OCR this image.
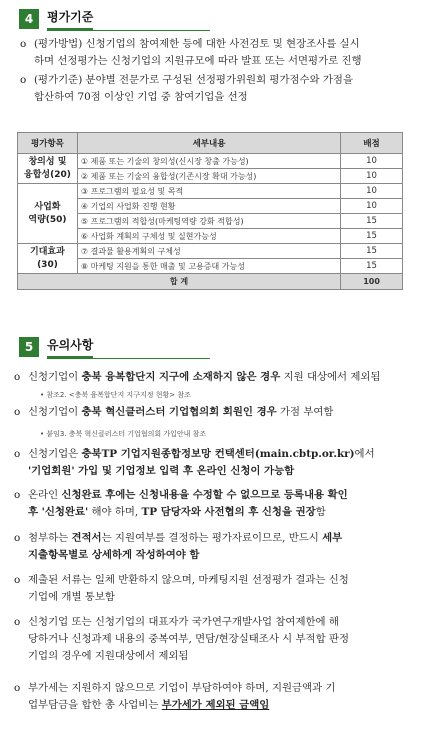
4	평가기준
o (평가방법) 신청기업의 참여제한 등에 대한 사전검토 및 현장조사를 실시
하며 선정평가는 신청기업의 지원규모에 따라 발표 또는 서면평가로 진행
o (평가기준) 분야별 전문가로 구성된 선정평가위원회 평가점수와 가점을
합산하여 70점 이상인 기업 중 참여기업을 선정
평가항목	세부내용	배점

창의성 및
융합성(20)	① 제품 또는 기술의 창의성(신시장 창출 가능성)	10
	② 제품 또는 기술의 융합성(기존시장 확대 가능성)	10

사업화
역량(50)	③ 프로그램의 필요성 및 목적	10
	④ 기업의 사업화 진행 현황	10
	⑤ 프로그램의 적합성(마케팅역량 강화 적합성)	15
	⑥ 사업화 계획의 구체성 및 실현가능성	15

기대효과
(30)	⑦ 결과물 활용계획의 구체성	15
	⑧ 마케팅 지원을 통한 매출 및 고용증대 가능성	15
합 계		100
5	유의사항
o 신청기업이 충북 융복합단지 지구에 소재하지 않은 경우 지원 대상에서 제외됨
• 참조2. <충북 융복합단지 지구지정 현황> 참조
o 신청기업이 충북 혁신클러스터 기업협의회 회원인 경우 가점 부여함
• 붙임3. 충북 혁신클러스터 기업협의회 가입안내 참조
o 신청기업은 충북TP 기업지원종합정보망 컨택센터(main.cbtp.or.kr)에서
'기업회원' 가입 및 기업정보 입력 후 온라인 신청이 가능함
o 온라인 신청완료 후에는 신청내용을 수정할 수 없으므로 등록내용 확인
후 '신청완료' 해야 하며, TP 담당자와 사전협의 후 신청을 권장함
o 첨부하는 견적서는 지원여부를 결정하는 평가자료이므로, 반드시 세부
지출항목별로 상세하게 작성하여야 함
o 제출된 서류는 일체 반환하지 않으며, 마케팅지원 선정평가 결과는 신청
기업에 개별 통보함
o 신청기업 또는 신청기업의 대표자가 국가연구개발사업 참여제한에 해
당하거나 신청과제 내용의 중복여부, 면담/현장실태조사 시 부적합 판정
기업의 경우에 지원대상에서 제외됨
o 부가세는 지원하지 않으므로 기업이 부담하여야 하며, 지원금액과 기
업부담금을 합한 총 사업비는 부가세가 제외된 금액임
